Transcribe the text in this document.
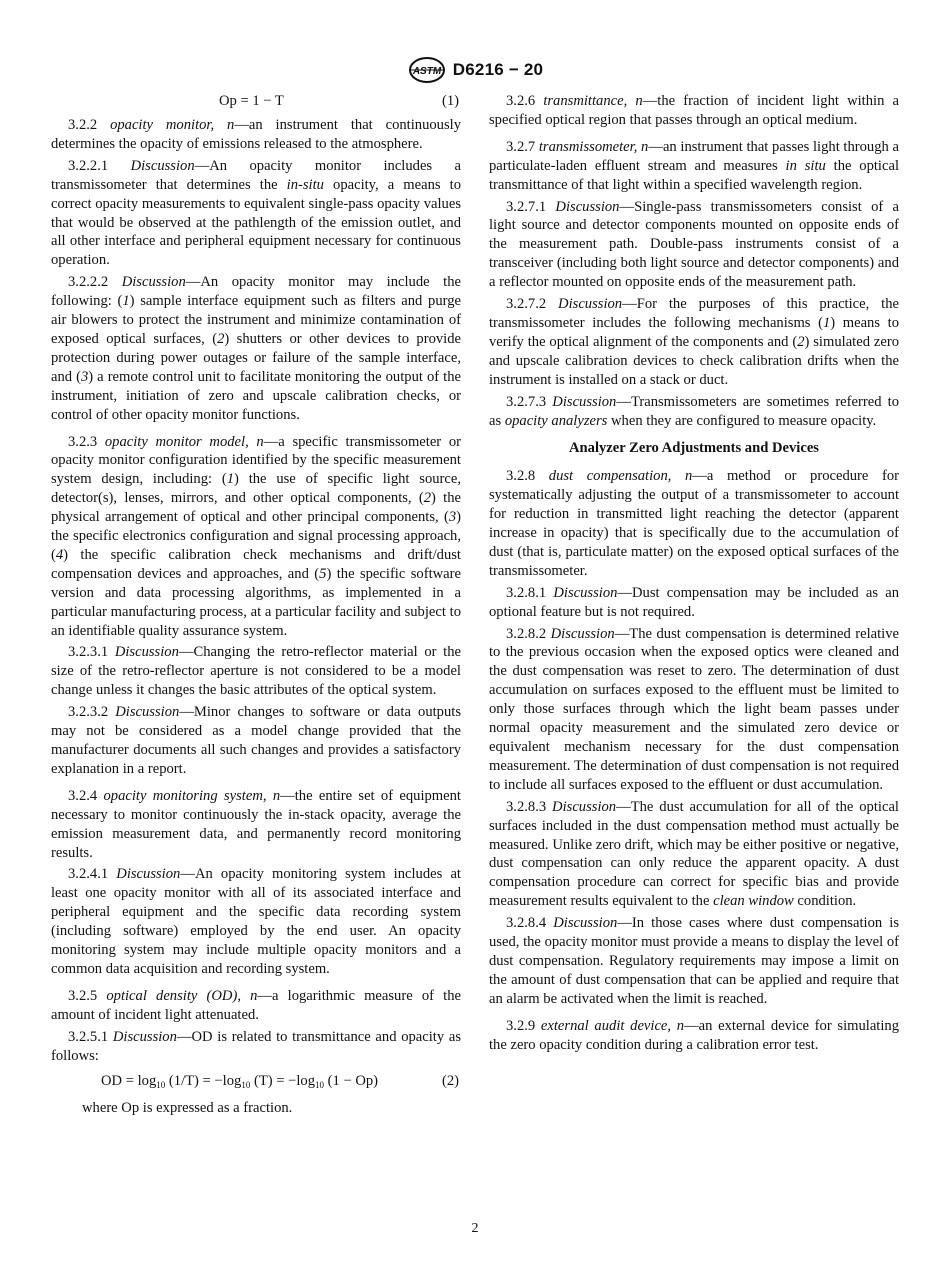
ASTM D6216 − 20
Op = 1 − T	(1)

3.2.2 opacity monitor, n—an instrument that continuously determines the opacity of emissions released to the atmosphere.

3.2.2.1 Discussion—An opacity monitor includes a transmissometer that determines the in-situ opacity, a means to correct opacity measurements to equivalent single-pass opacity values that would be observed at the pathlength of the emission outlet, and all other interface and peripheral equipment necessary for continuous operation.

3.2.2.2 Discussion—An opacity monitor may include the following: (1) sample interface equipment such as filters and purge air blowers to protect the instrument and minimize contamination of exposed optical surfaces, (2) shutters or other devices to provide protection during power outages or failure of the sample interface, and (3) a remote control unit to facilitate monitoring the output of the instrument, initiation of zero and upscale calibration checks, or control of other opacity monitor functions.

3.2.3 opacity monitor model, n—a specific transmissometer or opacity monitor configuration identified by the specific measurement system design, including: (1) the use of specific light source, detector(s), lenses, mirrors, and other optical components, (2) the physical arrangement of optical and other principal components, (3) the specific electronics configuration and signal processing approach, (4) the specific calibration check mechanisms and drift/dust compensation devices and approaches, and (5) the specific software version and data processing algorithms, as implemented in a particular manufacturing process, at a particular facility and subject to an identifiable quality assurance system.

3.2.3.1 Discussion—Changing the retro-reflector material or the size of the retro-reflector aperture is not considered to be a model change unless it changes the basic attributes of the optical system.

3.2.3.2 Discussion—Minor changes to software or data outputs may not be considered as a model change provided that the manufacturer documents all such changes and provides a satisfactory explanation in a report.

3.2.4 opacity monitoring system, n—the entire set of equipment necessary to monitor continuously the in-stack opacity, average the emission measurement data, and permanently record monitoring results.

3.2.4.1 Discussion—An opacity monitoring system includes at least one opacity monitor with all of its associated interface and peripheral equipment and the specific data recording system (including software) employed by the end user. An opacity monitoring system may include multiple opacity monitors and a common data acquisition and recording system.

3.2.5 optical density (OD), n—a logarithmic measure of the amount of incident light attenuated.

3.2.5.1 Discussion—OD is related to transmittance and opacity as follows:

OD = $\log_{10} (1/T) = -\log_{10}$ $(T) = -\log_{10}$ (1 − Op)	(2)

where Op is expressed as a fraction.

3.2.6 transmittance, n—the fraction of incident light within a specified optical region that passes through an optical medium.

3.2.7 transmissometer, n—an instrument that passes light through a particulate-laden effluent stream and measures in situ the optical transmittance of that light within a specified wavelength region.

3.2.7.1 Discussion—Single-pass transmissometers consist of a light source and detector components mounted on opposite ends of the measurement path. Double-pass instruments consist of a transceiver (including both light source and detector components) and a reflector mounted on opposite ends of the measurement path.

3.2.7.2 Discussion—For the purposes of this practice, the transmissometer includes the following mechanisms (1) means to verify the optical alignment of the components and (2) simulated zero and upscale calibration devices to check calibration drifts when the instrument is installed on a stack or duct.

3.2.7.3 Discussion—Transmissometers are sometimes referred to as opacity analyzers when they are configured to measure opacity.

Analyzer Zero Adjustments and Devices

3.2.8 dust compensation, n—a method or procedure for systematically adjusting the output of a transmissometer to account for reduction in transmitted light reaching the detector (apparent increase in opacity) that is specifically due to the accumulation of dust (that is, particulate matter) on the exposed optical surfaces of the transmissometer.

3.2.8.1 Discussion—Dust compensation may be included as an optional feature but is not required.

3.2.8.2 Discussion—The dust compensation is determined relative to the previous occasion when the exposed optics were cleaned and the dust compensation was reset to zero. The determination of dust accumulation on surfaces exposed to the effluent must be limited to only those surfaces through which the light beam passes under normal opacity measurement and the simulated zero device or equivalent mechanism necessary for the dust compensation measurement. The determination of dust compensation is not required to include all surfaces exposed to the effluent or dust accumulation.

3.2.8.3 Discussion—The dust accumulation for all of the optical surfaces included in the dust compensation method must actually be measured. Unlike zero drift, which may be either positive or negative, dust compensation can only reduce the apparent opacity. A dust compensation procedure can correct for specific bias and provide measurement results equivalent to the clean window condition.

3.2.8.4 Discussion—In those cases where dust compensation is used, the opacity monitor must provide a means to display the level of dust compensation. Regulatory requirements may impose a limit on the amount of dust compensation that can be applied and require that an alarm be activated when the limit is reached.

3.2.9 external audit device, n—an external device for simulating the zero opacity condition during a calibration error test.

2
